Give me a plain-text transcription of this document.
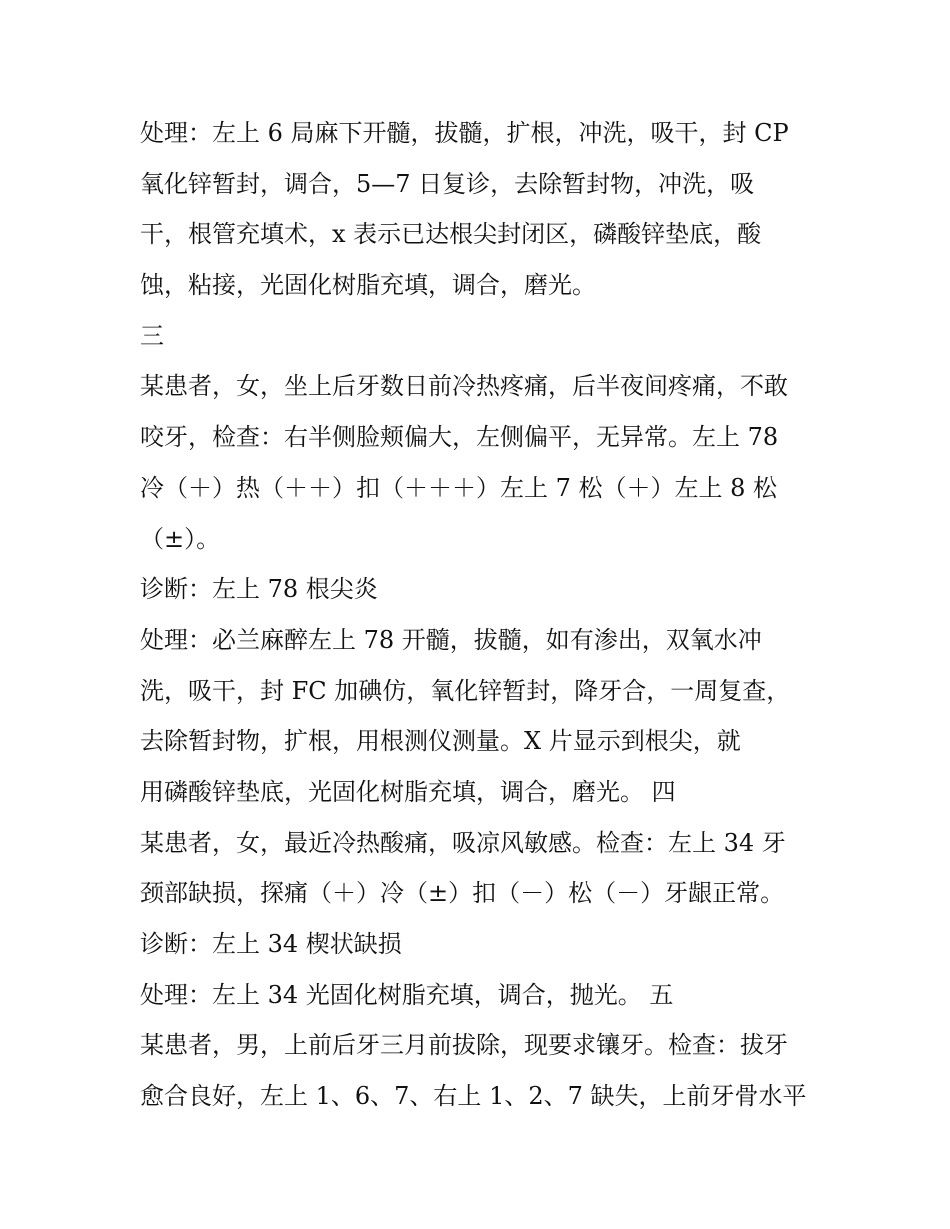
处理：左上 6 局麻下开髓，拔髓，扩根，冲洗，吸干，封 CP
氧化锌暂封，调合，5—7 日复诊，去除暂封物，冲洗，吸
干，根管充填术，x 表示已达根尖封闭区，磷酸锌垫底，酸
蚀，粘接，光固化树脂充填，调合，磨光。
三
某患者，女，坐上后牙数日前冷热疼痛，后半夜间疼痛，不敢
咬牙，检查：右半侧脸颊偏大，左侧偏平，无异常。左上 78
冷（＋）热（＋＋）扣（＋＋＋）左上 7 松（＋）左上 8 松
（±）。
诊断：左上 78 根尖炎
处理：必兰麻醉左上 78 开髓，拔髓，如有渗出，双氧水冲
洗，吸干，封 FC 加碘仿，氧化锌暂封，降牙合，一周复查，
去除暂封物，扩根，用根测仪测量。X 片显示到根尖，就
用磷酸锌垫底，光固化树脂充填，调合，磨光。 四
某患者，女，最近冷热酸痛，吸凉风敏感。检查：左上 34 牙
颈部缺损，探痛（＋）冷（±）扣（－）松（－）牙龈正常。
诊断：左上 34 楔状缺损
处理：左上 34 光固化树脂充填，调合，抛光。 五
某患者，男，上前后牙三月前拔除，现要求镶牙。检查：拔牙
愈合良好，左上 1、6、7、右上 1、2、7 缺失，上前牙骨水平
